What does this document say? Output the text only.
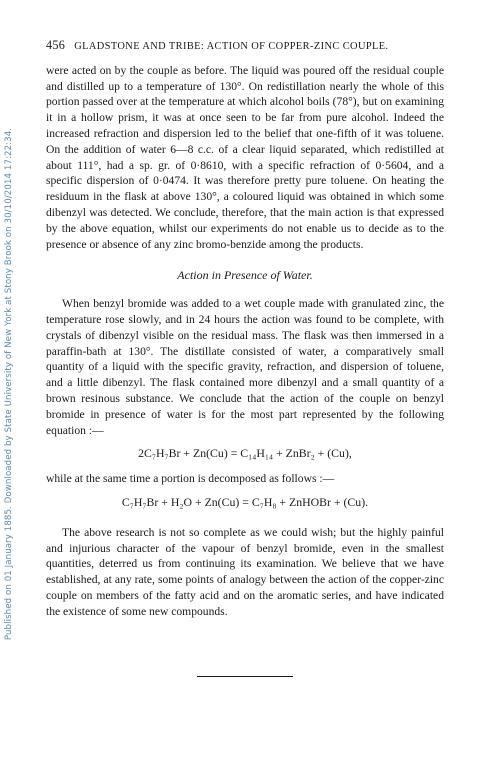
Published on 01 January 1885. Downloaded by State University of New York at Stony Brook on 30/10/2014 17:22:34.
456 GLADSTONE AND TRIBE: ACTION OF COPPER-ZINC COUPLE.

were acted on by the couple as before. The liquid was poured off the residual couple and distilled up to a temperature of 130°. On redistillation nearly the whole of this portion passed over at the temperature at which alcohol boils (78°), but on examining it in a hollow prism, it was at once seen to be far from pure alcohol. Indeed the increased refraction and dispersion led to the belief that one-fifth of it was toluene. On the addition of water 6—8 c.c. of a clear liquid separated, which redistilled at about 111°, had a sp. gr. of 0·8610, with a specific refraction of 0·5604, and a specific dispersion of 0·0474. It was therefore pretty pure toluene. On heating the residuum in the flask at above 130°, a coloured liquid was obtained in which some dibenzyl was detected. We conclude, therefore, that the main action is that expressed by the above equation, whilst our experiments do not enable us to decide as to the presence or absence of any zinc bromo-benzide among the products.

Action in Presence of Water.

When benzyl bromide was added to a wet couple made with granulated zinc, the temperature rose slowly, and in 24 hours the action was found to be complete, with crystals of dibenzyl visible on the residual mass. The flask was then immersed in a paraffin-bath at 130°. The distillate consisted of water, a comparatively small quantity of a liquid with the specific gravity, refraction, and dispersion of toluene, and a little dibenzyl. The flask contained more dibenzyl and a small quantity of a brown resinous substance. We conclude that the action of the couple on benzyl bromide in presence of water is for the most part represented by the following equation :—

2C₇H₇Br + Zn(Cu) = C₁₄H₁₄ + ZnBr₂ + (Cu),

while at the same time a portion is decomposed as follows :—

C₇H₇Br + H₂O + Zn(Cu) = C₇H₈ + ZnHOBr + (Cu).

The above research is not so complete as we could wish; but the highly painful and injurious character of the vapour of benzyl bromide, even in the smallest quantities, deterred us from continuing its examination. We believe that we have established, at any rate, some points of analogy between the action of the copper-zinc couple on members of the fatty acid and on the aromatic series, and have indicated the existence of some new compounds.
